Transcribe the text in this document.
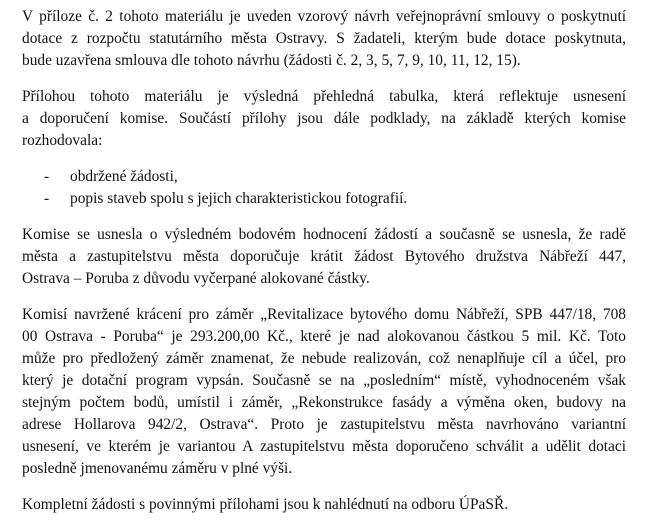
V příloze č. 2 tohoto materiálu je uveden vzorový návrh veřejnoprávní smlouvy o poskytnutí
dotace z rozpočtu statutárního města Ostravy. S žadateli, kterým bude dotace poskytnuta,
bude uzavřena smlouva dle tohoto návrhu (žádosti č. 2, 3, 5, 7, 9, 10, 11, 12, 15).

Přílohou tohoto materiálu je výsledná přehledná tabulka, která reflektuje usnesení
a doporučení komise. Součástí přílohy jsou dále podklady, na základě kterých komise
rozhodovala:

- obdržené žádosti,
- popis staveb spolu s jejich charakteristickou fotografií.

Komise se usnesla o výsledném bodovém hodnocení žádostí a současně se usnesla, že radě
města a zastupitelstvu města doporučuje krátit žádost Bytového družstva Nábřeží 447,
Ostrava – Poruba z důvodu vyčerpané alokované částky.

Komisí navržené krácení pro záměr „Revitalizace bytového domu Nábřeží, SPB 447/18, 708
00 Ostrava - Poruba“ je 293.200,00 Kč., které je nad alokovanou částkou 5 mil. Kč. Toto
může pro předložený záměr znamenat, že nebude realizován, což nenaplňuje cíl a účel, pro
který je dotační program vypsán. Současně se na „posledním“ místě, vyhodnoceném však
stejným počtem bodů, umístil i záměr, „Rekonstrukce fasády a výměna oken, budovy na
adrese Hollarova 942/2, Ostrava“. Proto je zastupitelstvu města navrhováno variantní
usnesení, ve kterém je variantou A zastupitelstvu města doporučeno schválit a udělit dotaci
posledně jmenovanému záměru v plné výši.

Kompletní žádosti s povinnými přílohami jsou k nahlédnutí na odboru ÚPaSŘ.
